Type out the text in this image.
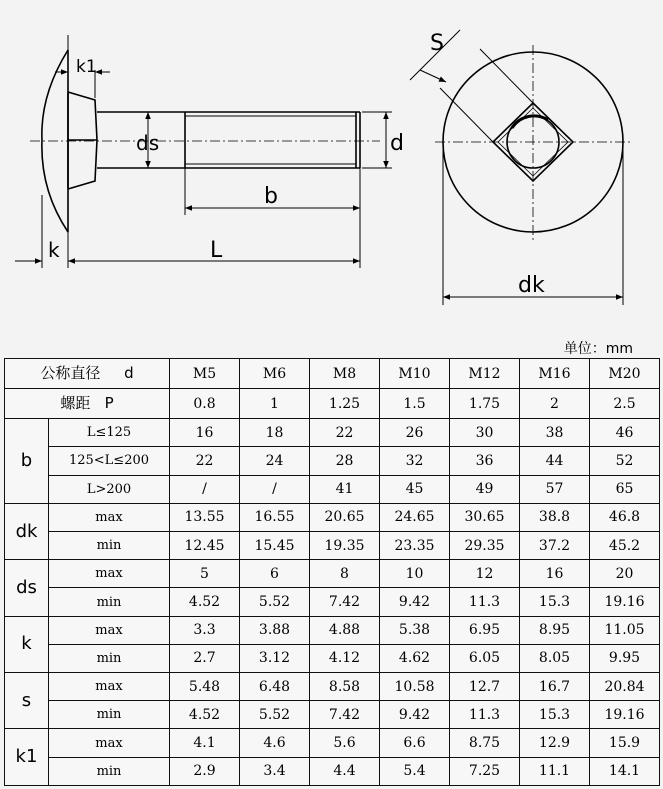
k1
ds	d
b
k	L
S
dk
单位：mm
公称直径     d		M5	M6	M8	M10	M12	M16	M20
螺距   P		0.8	1	1.25	1.5	1.75	2	2.5
b	L≤125	16	18	22	26	30	38	46
	125<L≤200	22	24	28	32	36	44	52
	L>200	/	/	41	45	49	57	65
dk	max	13.55	16.55	20.65	24.65	30.65	38.8	46.8
	min	12.45	15.45	19.35	23.35	29.35	37.2	45.2
ds	max	5	6	8	10	12	16	20
	min	4.52	5.52	7.42	9.42	11.3	15.3	19.16
k	max	3.3	3.88	4.88	5.38	6.95	8.95	11.05
	min	2.7	3.12	4.12	4.62	6.05	8.05	9.95
s	max	5.48	6.48	8.58	10.58	12.7	16.7	20.84
	min	4.52	5.52	7.42	9.42	11.3	15.3	19.16
k1	max	4.1	4.6	5.6	6.6	8.75	12.9	15.9
	min	2.9	3.4	4.4	5.4	7.25	11.1	14.1
